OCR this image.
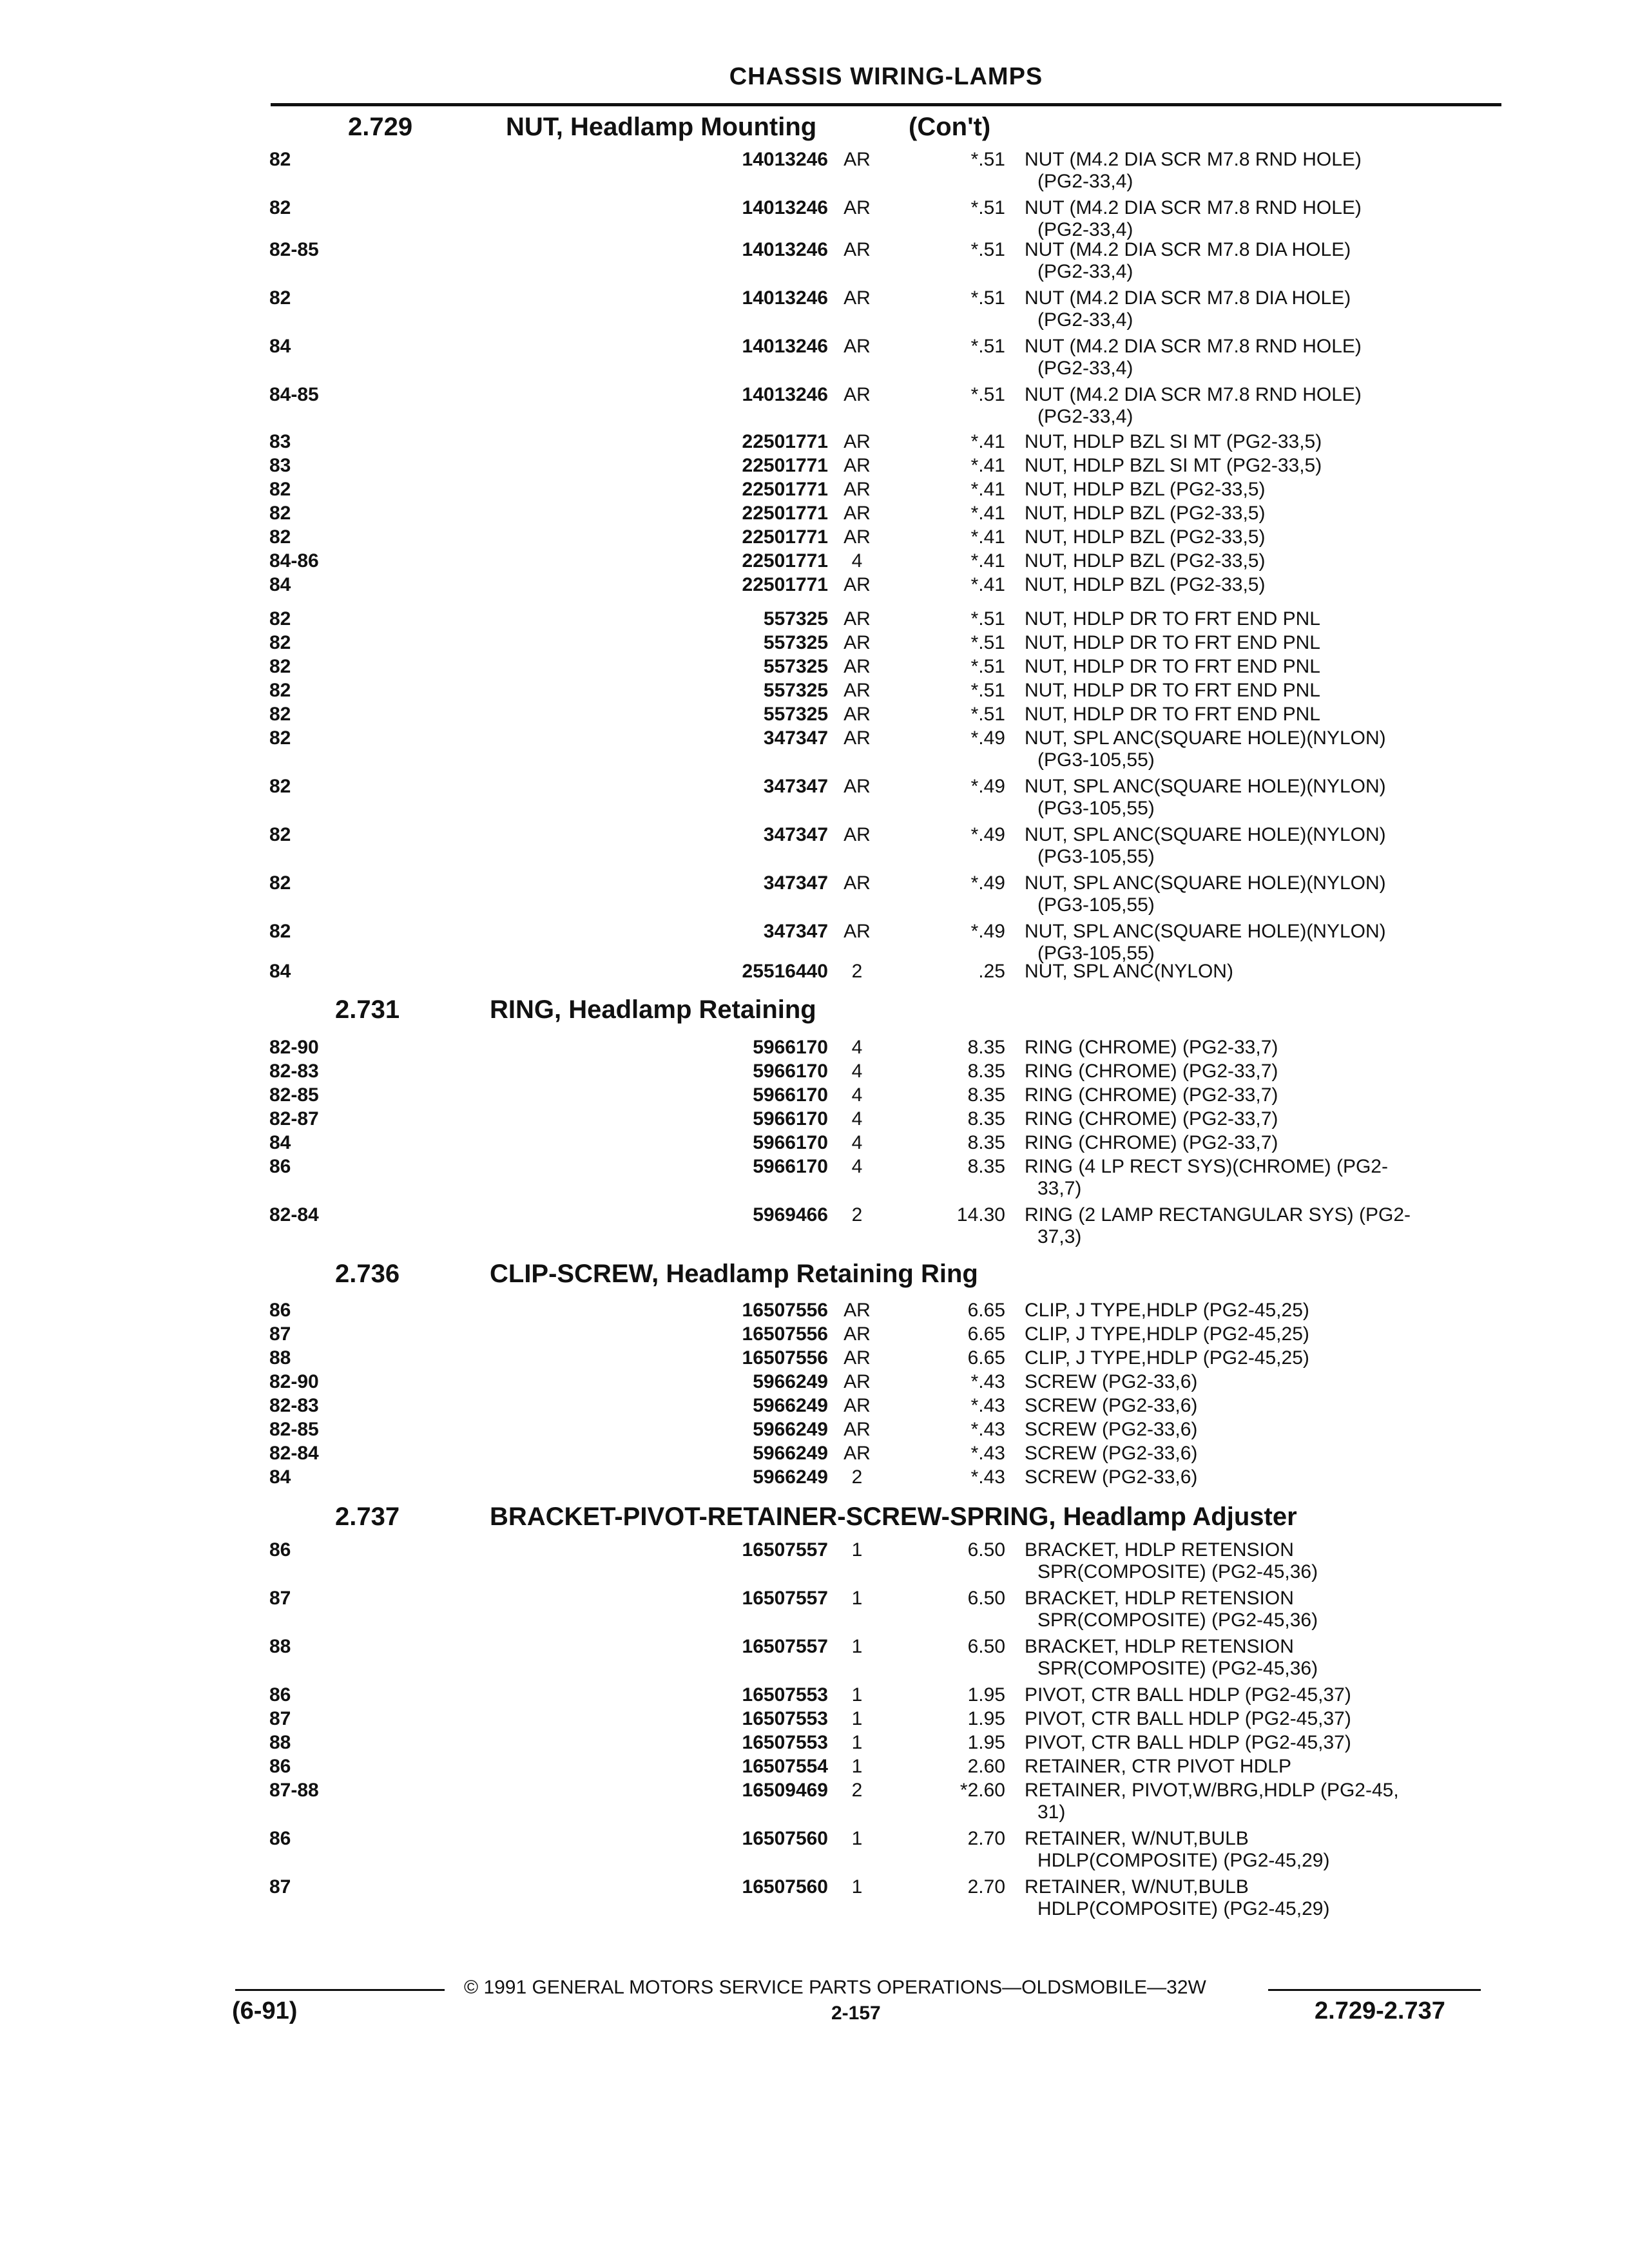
CHASSIS WIRING-LAMPS
2.729	NUT, Headlamp Mounting	(Con't)
82	14013246 AR	*.51 NUT (M4.2 DIA SCR M7.8 RND HOLE)
(PG2-33,4)
82	14013246 AR	*.51 NUT (M4.2 DIA SCR M7.8 RND HOLE)
(PG2-33,4)
82-85	14013246 AR	*.51 NUT (M4.2 DIA SCR M7.8 DIA HOLE)
(PG2-33,4)
82	14013246 AR	*.51 NUT (M4.2 DIA SCR M7.8 DIA HOLE)
(PG2-33,4)
84	14013246 AR	*.51 NUT (M4.2 DIA SCR M7.8 RND HOLE)
(PG2-33,4)
84-85	14013246 AR	*.51 NUT (M4.2 DIA SCR M7.8 RND HOLE)
(PG2-33,4)
83	22501771 AR	*.41 NUT, HDLP BZL SI MT (PG2-33,5)
83	22501771 AR	*.41 NUT, HDLP BZL SI MT (PG2-33,5)
82	22501771 AR	*.41 NUT, HDLP BZL (PG2-33,5)
82	22501771 AR	*.41 NUT, HDLP BZL (PG2-33,5)
82	22501771 AR	*.41 NUT, HDLP BZL (PG2-33,5)
84-86	22501771	4	*.41 NUT, HDLP BZL (PG2-33,5)
84	22501771 AR	*.41 NUT, HDLP BZL (PG2-33,5)
82	557325 AR	*.51 NUT, HDLP DR TO FRT END PNL
82	557325 AR	*.51 NUT, HDLP DR TO FRT END PNL
82	557325 AR	*.51 NUT, HDLP DR TO FRT END PNL
82	557325 AR	*.51 NUT, HDLP DR TO FRT END PNL
82	557325 AR	*.51 NUT, HDLP DR TO FRT END PNL
82	347347 AR	*.49 NUT, SPL ANC(SQUARE HOLE)(NYLON)
(PG3-105,55)
82	347347 AR	*.49 NUT, SPL ANC(SQUARE HOLE)(NYLON)
(PG3-105,55)
82	347347 AR	*.49 NUT, SPL ANC(SQUARE HOLE)(NYLON)
(PG3-105,55)
82	347347 AR	*.49 NUT, SPL ANC(SQUARE HOLE)(NYLON)
(PG3-105,55)
82	347347 AR	*.49 NUT, SPL ANC(SQUARE HOLE)(NYLON)
(PG3-105,55)
84	25516440	2	.25 NUT, SPL ANC(NYLON)
2.731	RING, Headlamp Retaining
82-90	5966170	4	8.35 RING (CHROME) (PG2-33,7)
82-83	5966170	4	8.35 RING (CHROME) (PG2-33,7)
82-85	5966170	4	8.35 RING (CHROME) (PG2-33,7)
82-87	5966170	4	8.35 RING (CHROME) (PG2-33,7)
84	5966170	4	8.35 RING (CHROME) (PG2-33,7)
86	5966170	4	8.35 RING (4 LP RECT SYS)(CHROME) (PG2-
33,7)
82-84	5969466	2	14.30 RING (2 LAMP RECTANGULAR SYS) (PG2-
37,3)
2.736	CLIP-SCREW, Headlamp Retaining Ring
86	16507556 AR	6.65 CLIP, J TYPE,HDLP (PG2-45,25)
87	16507556 AR	6.65 CLIP, J TYPE,HDLP (PG2-45,25)
88	16507556 AR	6.65 CLIP, J TYPE,HDLP (PG2-45,25)
82-90	5966249 AR	*.43 SCREW (PG2-33,6)
82-83	5966249 AR	*.43 SCREW (PG2-33,6)
82-85	5966249 AR	*.43 SCREW (PG2-33,6)
82-84	5966249 AR	*.43 SCREW (PG2-33,6)
84	5966249	2	*.43 SCREW (PG2-33,6)
2.737	BRACKET-PIVOT-RETAINER-SCREW-SPRING, Headlamp Adjuster
86	16507557	1	6.50 BRACKET, HDLP RETENSION
SPR(COMPOSITE) (PG2-45,36)
87	16507557	1	6.50 BRACKET, HDLP RETENSION
SPR(COMPOSITE) (PG2-45,36)
88	16507557	1	6.50 BRACKET, HDLP RETENSION
SPR(COMPOSITE) (PG2-45,36)
86	16507553	1	1.95 PIVOT, CTR BALL HDLP (PG2-45,37)
87	16507553	1	1.95 PIVOT, CTR BALL HDLP (PG2-45,37)
88	16507553	1	1.95 PIVOT, CTR BALL HDLP (PG2-45,37)
86	16507554	1	2.60 RETAINER, CTR PIVOT HDLP
87-88	16509469	2	*2.60 RETAINER, PIVOT,W/BRG,HDLP (PG2-45,
31)
86	16507560	1	2.70 RETAINER, W/NUT,BULB
HDLP(COMPOSITE) (PG2-45,29)
87	16507560	1	2.70 RETAINER, W/NUT,BULB
HDLP(COMPOSITE) (PG2-45,29)
© 1991 GENERAL MOTORS SERVICE PARTS OPERATIONS—OLDSMOBILE—32W
(6-91)	2-157	2.729-2.737
